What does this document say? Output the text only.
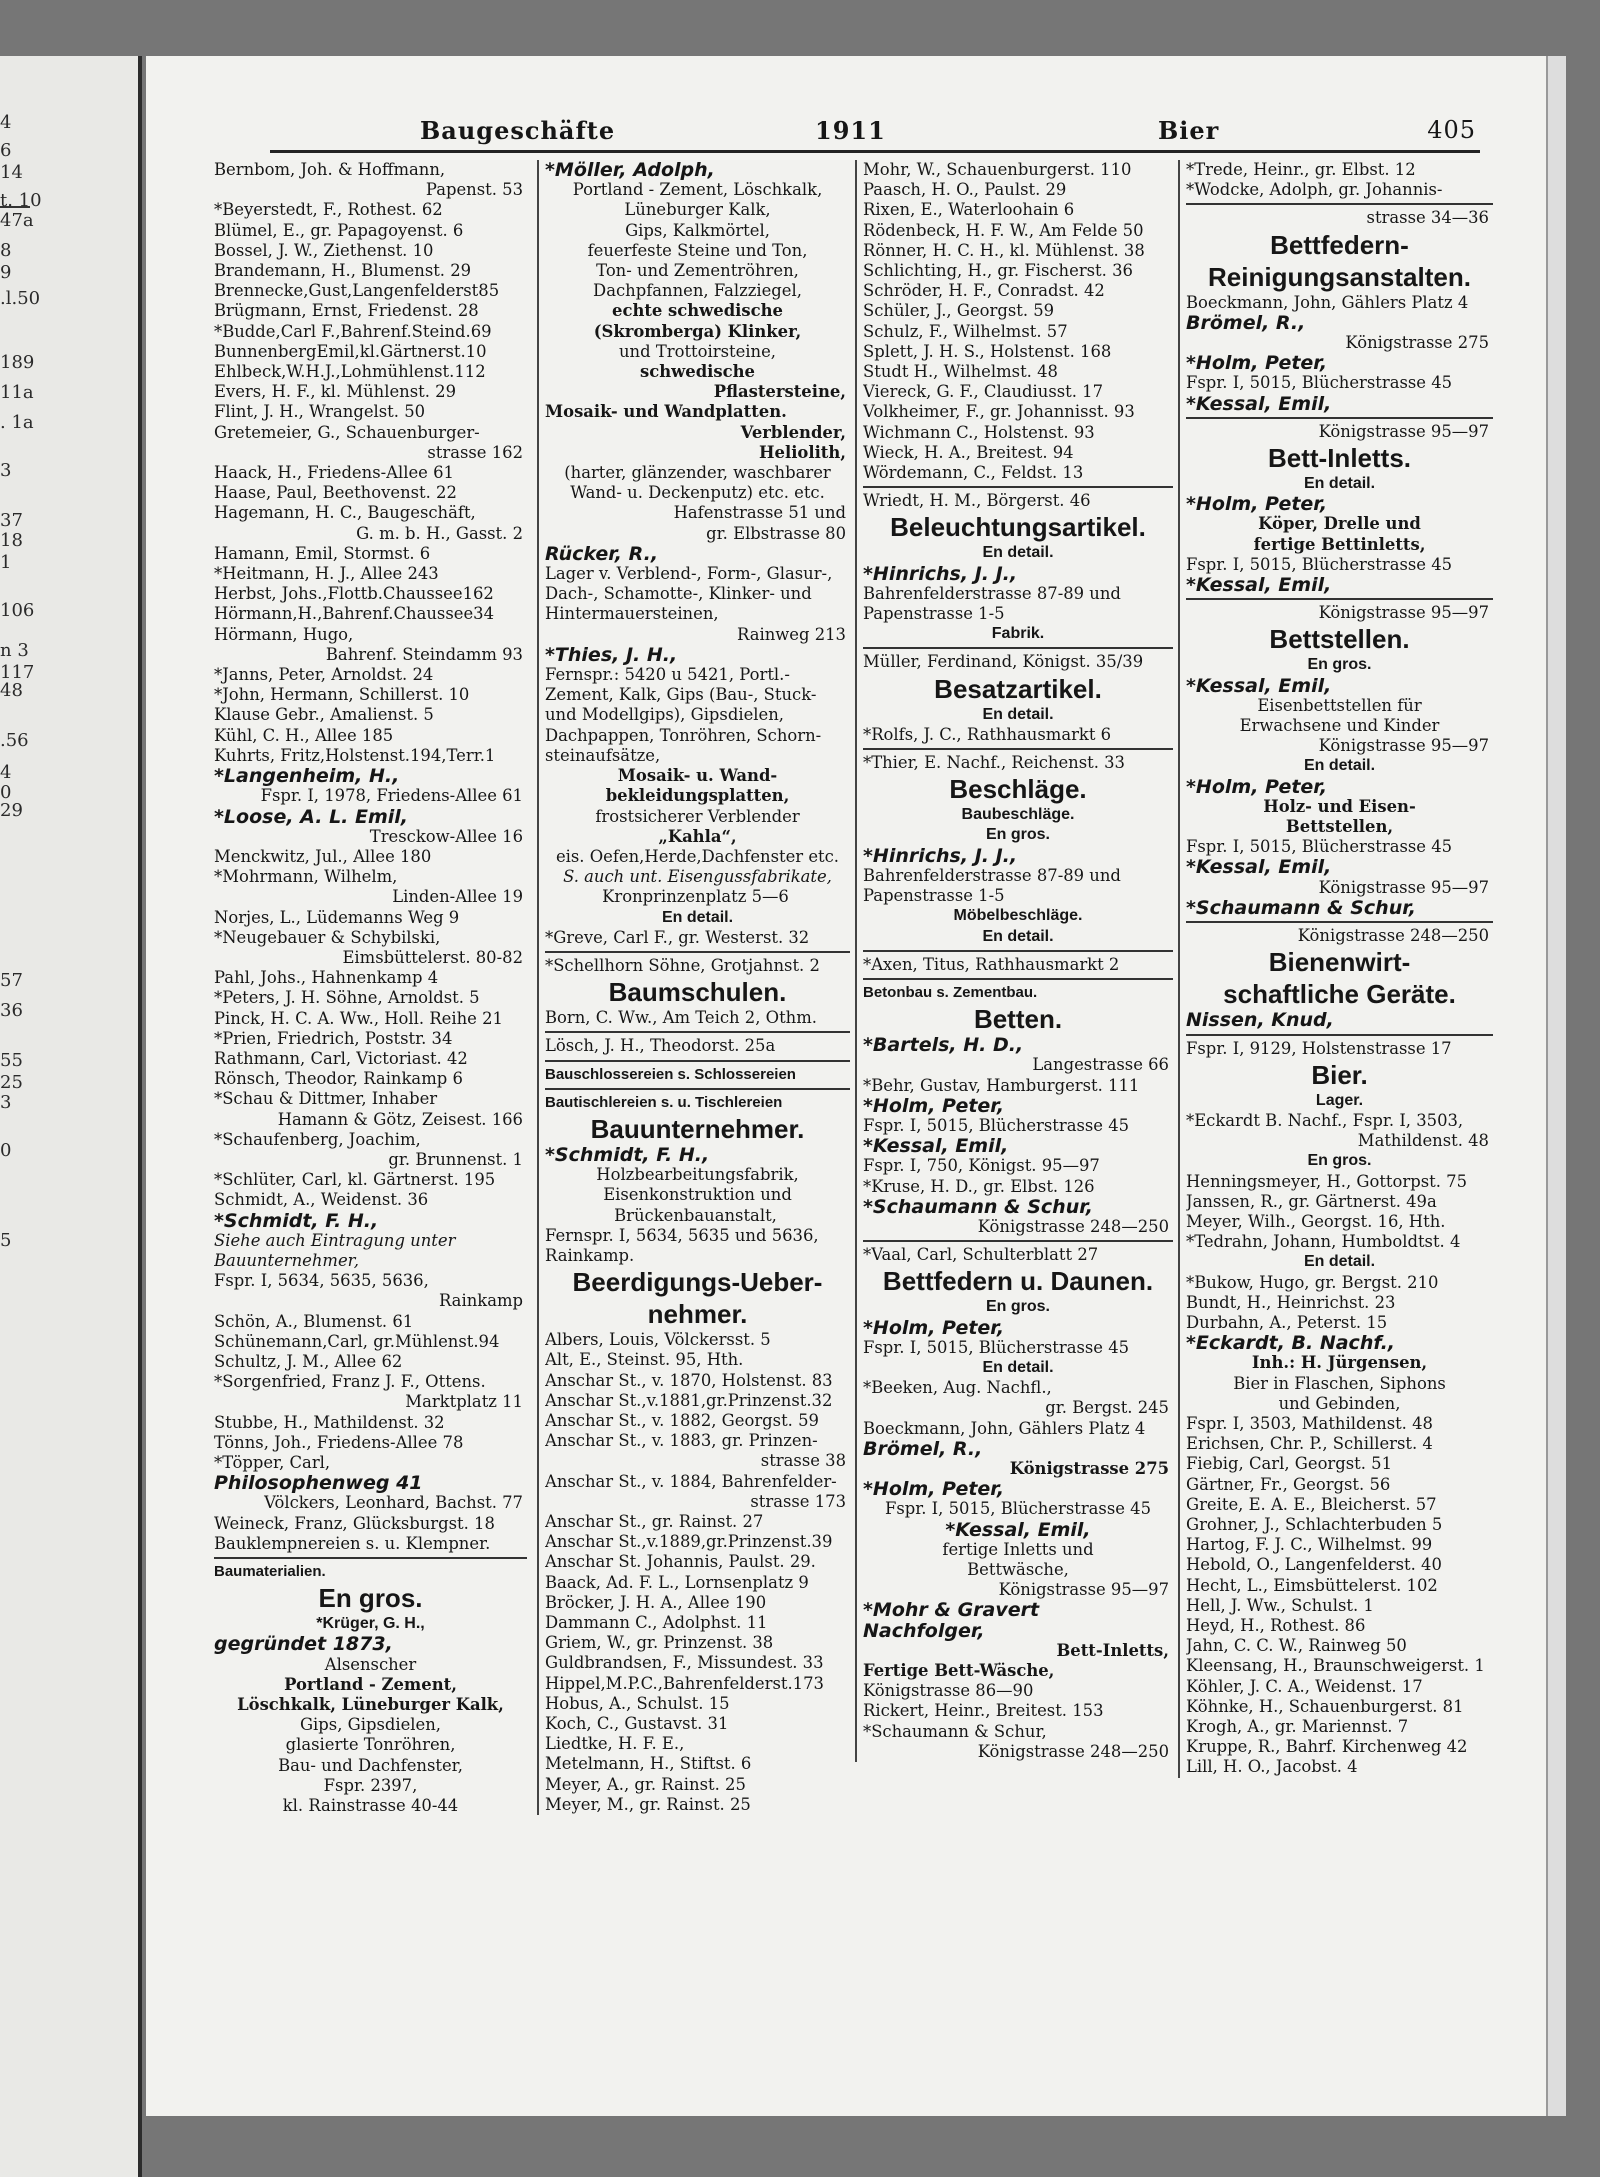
4
6
14
t. 10
47a
8
9
.l.50
189
11a
. 1a
3
37
18
1
106
n 3
117
48
.56
4
0
29
57
36
55
25
3
0
5
Baugeschäfte	1911	Bier	405
Bernbom, Joh. & Hoffmann,
Papenst. 53
*Beyerstedt, F., Rothest. 62
Blümel, E., gr. Papagoyenst. 6
Bossel, J. W., Ziethenst. 10
Brandemann, H., Blumenst. 29
Brennecke,Gust,Langenfelderst85
Brügmann, Ernst, Friedenst. 28
*Budde,Carl F.,Bahrenf.Steind.69
BunnenbergEmil,kl.Gärtnerst.10
Ehlbeck,W.H.J.,Lohmühlenst.112
Evers, H. F., kl. Mühlenst. 29
Flint, J. H., Wrangelst. 50
Gretemeier, G., Schauenburger-
strasse 162
Haack, H., Friedens-Allee 61
Haase, Paul, Beethovenst. 22
Hagemann, H. C., Baugeschäft,
G. m. b. H., Gasst. 2
Hamann, Emil, Stormst. 6
*Heitmann, H. J., Allee 243
Herbst, Johs.,Flottb.Chaussee162
Hörmann,H.,Bahrenf.Chaussee34
Hörmann, Hugo,
Bahrenf. Steindamm 93
*Janns, Peter, Arnoldst. 24
*John, Hermann, Schillerst. 10
Klause Gebr., Amalienst. 5
Kühl, C. H., Allee 185
Kuhrts, Fritz,Holstenst.194,Terr.1
*Langenheim, H.,
Fspr. I, 1978, Friedens-Allee 61
*Loose, A. L. Emil,
Tresckow-Allee 16
Menckwitz, Jul., Allee 180
*Mohrmann, Wilhelm,
Linden-Allee 19
Norjes, L., Lüdemanns Weg 9
*Neugebauer & Schybilski,
Eimsbüttelerst. 80-82
Pahl, Johs., Hahnenkamp 4
*Peters, J. H. Söhne, Arnoldst. 5
Pinck, H. C. A. Ww., Holl. Reihe 21
*Prien, Friedrich, Poststr. 34
Rathmann, Carl, Victoriast. 42
Rönsch, Theodor, Rainkamp 6
*Schau & Dittmer, Inhaber
Hamann & Götz, Zeisest. 166
*Schaufenberg, Joachim,
gr. Brunnenst. 1
*Schlüter, Carl, kl. Gärtnerst. 195
Schmidt, A., Weidenst. 36
*Schmidt, F. H.,
Siehe auch Eintragung unter
Bauunternehmer,
Fspr. I, 5634, 5635, 5636,
Rainkamp
Schön, A., Blumenst. 61
Schünemann,Carl, gr.Mühlenst.94
Schultz, J. M., Allee 62
*Sorgenfried, Franz J. F., Ottens.
Marktplatz 11
Stubbe, H., Mathildenst. 32
Tönns, Joh., Friedens-Allee 78
*Töpper, Carl,
Philosophenweg 41
Völckers, Leonhard, Bachst. 77
Weineck, Franz, Glücksburgst. 18
Bauklempnereien s. u. Klempner.
Baumaterialien.
En gros.
*Krüger, G. H.,
gegründet 1873,
Alsenscher
Portland - Zement,
Löschkalk, Lüneburger Kalk,
Gips, Gipsdielen,
glasierte Tonröhren,
Bau- und Dachfenster,
Fspr. 2397,
kl. Rainstrasse 40-44
*Möller, Adolph,
Portland - Zement, Löschkalk,
Lüneburger Kalk,
Gips, Kalkmörtel,
feuerfeste Steine und Ton,
Ton- und Zementröhren,
Dachpfannen, Falzziegel,
echte schwedische
(Skromberga) Klinker,
und Trottoirsteine,
schwedische
Pflastersteine,
Mosaik- und Wandplatten.
Verblender,
Heliolith,
(harter, glänzender, waschbarer
Wand- u. Deckenputz) etc. etc.
Hafenstrasse 51 und
gr. Elbstrasse 80
Rücker, R.,
Lager v. Verblend-, Form-, Glasur-,
Dach-, Schamotte-, Klinker- und
Hintermauersteinen,
Rainweg 213
*Thies, J. H.,
Fernspr.: 5420 u 5421, Portl.-
Zement, Kalk, Gips (Bau-, Stuck-
und Modellgips), Gipsdielen,
Dachpappen, Tonröhren, Schorn-
steinaufsätze,
Mosaik- u. Wand-
bekleidungsplatten,
frostsicherer Verblender
„Kahla“,
eis. Oefen,Herde,Dachfenster etc.
S. auch unt. Eisengussfabrikate,
Kronprinzenplatz 5—6
En detail.
*Greve, Carl F., gr. Westerst. 32
*Schellhorn Söhne, Grotjahnst. 2
Baumschulen.
Born, C. Ww., Am Teich 2, Othm.
Lösch, J. H., Theodorst. 25a
Bauschlossereien s. Schlossereien
Bautischlereien s. u. Tischlereien
Bauunternehmer.
*Schmidt, F. H.,
Holzbearbeitungsfabrik,
Eisenkonstruktion und
Brückenbauanstalt,
Fernspr. I, 5634, 5635 und 5636,
Rainkamp.
Beerdigungs-Ueber-
nehmer.
Albers, Louis, Völckersst. 5
Alt, E., Steinst. 95, Hth.
Anschar St., v. 1870, Holstenst. 83
Anschar St.,v.1881,gr.Prinzenst.32
Anschar St., v. 1882, Georgst. 59
Anschar St., v. 1883, gr. Prinzen-
strasse 38
Anschar St., v. 1884, Bahrenfelder-
strasse 173
Anschar St., gr. Rainst. 27
Anschar St.,v.1889,gr.Prinzenst.39
Anschar St. Johannis, Paulst. 29.
Baack, Ad. F. L., Lornsenplatz 9
Bröcker, J. H. A., Allee 190
Dammann C., Adolphst. 11
Griem, W., gr. Prinzenst. 38
Guldbrandsen, F., Missundest. 33
Hippel,M.P.C.,Bahrenfelderst.173
Hobus, A., Schulst. 15
Koch, C., Gustavst. 31
Liedtke, H. F. E.,
Metelmann, H., Stiftst. 6
Meyer, A., gr. Rainst. 25
Meyer, M., gr. Rainst. 25
Mohr, W., Schauenburgerst. 110
Paasch, H. O., Paulst. 29
Rixen, E., Waterloohain 6
Rödenbeck, H. F. W., Am Felde 50
Rönner, H. C. H., kl. Mühlenst. 38
Schlichting, H., gr. Fischerst. 36
Schröder, H. F., Conradst. 42
Schüler, J., Georgst. 59
Schulz, F., Wilhelmst. 57
Splett, J. H. S., Holstenst. 168
Studt H., Wilhelmst. 48
Viereck, G. F., Claudiusst. 17
Volkheimer, F., gr. Johannisst. 93
Wichmann C., Holstenst. 93
Wieck, H. A., Breitest. 94
Wördemann, C., Feldst. 13
Wriedt, H. M., Börgerst. 46
Beleuchtungsartikel.
En detail.
*Hinrichs, J. J.,
Bahrenfelderstrasse 87-89 und
Papenstrasse 1-5
Fabrik.
Müller, Ferdinand, Königst. 35/39
Besatzartikel.
En detail.
*Rolfs, J. C., Rathhausmarkt 6
*Thier, E. Nachf., Reichenst. 33
Beschläge.
Baubeschläge.
En gros.
*Hinrichs, J. J.,
Bahrenfelderstrasse 87-89 und
Papenstrasse 1-5
Möbelbeschläge.
En detail.
*Axen, Titus, Rathhausmarkt 2
Betonbau s. Zementbau.
Betten.
*Bartels, H. D.,
Langestrasse 66
*Behr, Gustav, Hamburgerst. 111
*Holm, Peter,
Fspr. I, 5015, Blücherstrasse 45
*Kessal, Emil,
Fspr. I, 750, Königst. 95—97
*Kruse, H. D., gr. Elbst. 126
*Schaumann & Schur,
Königstrasse 248—250
*Vaal, Carl, Schulterblatt 27
Bettfedern u. Daunen.
En gros.
*Holm, Peter,
Fspr. I, 5015, Blücherstrasse 45
En detail.
*Beeken, Aug. Nachfl.,
gr. Bergst. 245
Boeckmann, John, Gählers Platz 4
Brömel, R.,
Königstrasse 275
*Holm, Peter,
Fspr. I, 5015, Blücherstrasse 45
*Kessal, Emil,
fertige Inletts und
Bettwäsche,
Königstrasse 95—97
*Mohr & Gravert
Nachfolger,
Bett-Inletts,
Fertige Bett-Wäsche,
Königstrasse 86—90
Rickert, Heinr., Breitest. 153
*Schaumann & Schur,
Königstrasse 248—250
*Trede, Heinr., gr. Elbst. 12
*Wodcke, Adolph, gr. Johannis-
strasse 34—36
Bettfedern-
Reinigungsanstalten.
Boeckmann, John, Gählers Platz 4
Brömel, R.,
Königstrasse 275
*Holm, Peter,
Fspr. I, 5015, Blücherstrasse 45
*Kessal, Emil,
Königstrasse 95—97
Bett-Inletts.
En detail.
*Holm, Peter,
Köper, Drelle und
fertige Bettinletts,
Fspr. I, 5015, Blücherstrasse 45
*Kessal, Emil,
Königstrasse 95—97
Bettstellen.
En gros.
*Kessal, Emil,
Eisenbettstellen für
Erwachsene und Kinder
Königstrasse 95—97
En detail.
*Holm, Peter,
Holz- und Eisen-
Bettstellen,
Fspr. I, 5015, Blücherstrasse 45
*Kessal, Emil,
Königstrasse 95—97
*Schaumann & Schur,
Königstrasse 248—250
Bienenwirt-
schaftliche Geräte.
Nissen, Knud,
Fspr. I, 9129, Holstenstrasse 17
Bier.
Lager.
*Eckardt B. Nachf., Fspr. I, 3503,
Mathildenst. 48
En gros.
Henningsmeyer, H., Gottorpst. 75
Janssen, R., gr. Gärtnerst. 49a
Meyer, Wilh., Georgst. 16, Hth.
*Tedrahn, Johann, Humboldtst. 4
En detail.
*Bukow, Hugo, gr. Bergst. 210
Bundt, H., Heinrichst. 23
Durbahn, A., Peterst. 15
*Eckardt, B. Nachf.,
Inh.: H. Jürgensen,
Bier in Flaschen, Siphons
und Gebinden,
Fspr. I, 3503, Mathildenst. 48
Erichsen, Chr. P., Schillerst. 4
Fiebig, Carl, Georgst. 51
Gärtner, Fr., Georgst. 56
Greite, E. A. E., Bleicherst. 57
Grohner, J., Schlachterbuden 5
Hartog, F. J. C., Wilhelmst. 99
Hebold, O., Langenfelderst. 40
Hecht, L., Eimsbüttelerst. 102
Hell, J. Ww., Schulst. 1
Heyd, H., Rothest. 86
Jahn, C. C. W., Rainweg 50
Kleensang, H., Braunschweigerst. 1
Köhler, J. C. A., Weidenst. 17
Köhnke, H., Schauenburgerst. 81
Krogh, A., gr. Mariennst. 7
Kruppe, R., Bahrf. Kirchenweg 42
Lill, H. O., Jacobst. 4
